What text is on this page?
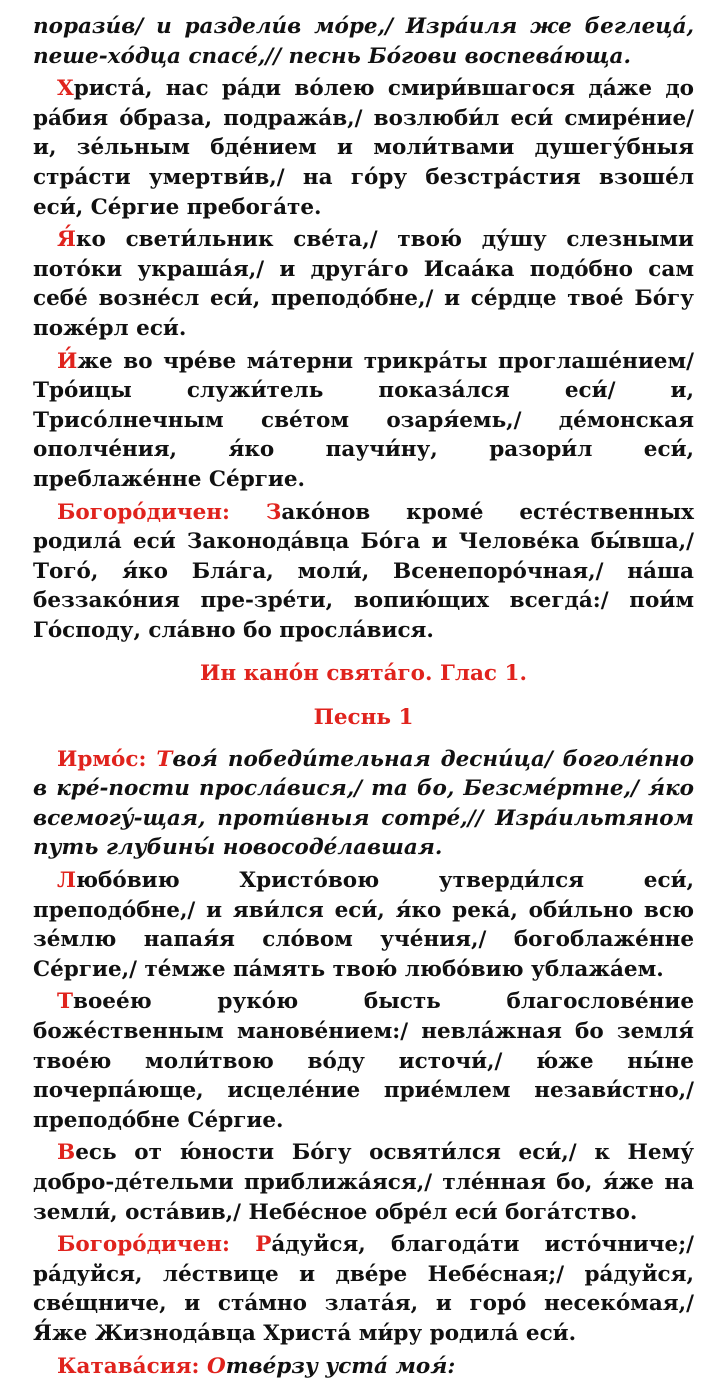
порази́в/ и раздели́в мо́ре,/ Изра́иля же беглеца́, пеше-хо́дца спасе́,// песнь Бо́гови воспева́юща.

Христа́, нас ра́ди во́лею смири́вшагося да́же до ра́бия о́браза, подража́в,/ возлюби́л еси́ смире́ние/ и, зе́льным бде́нием и моли́твами душегу́бныя стра́сти умертви́в,/ на го́ру безстра́стия взоше́л еси́, Се́ргие пребога́те.

Я́ко свети́льник све́та,/ твою́ ду́шу слезными пото́ки украша́я,/ и друга́го Исаа́ка подо́бно сам себе́ возне́сл еси́, преподо́бне,/ и се́рдце твое́ Бо́гу поже́рл еси́.

И́же во чре́ве ма́терни трикра́ты проглаше́нием/ Тро́ицы служи́тель показа́лся еси́/ и, Трисо́лнечным све́том озаря́емь,/ де́монская ополче́ния, я́ко паучи́ну, разори́л еси́, преблаже́нне Се́ргие.

Богоро́дичен: Зако́нов кроме́ есте́ственных родила́ еси́ Законода́вца Бо́га и Челове́ка бы́вша,/ Того́, я́ко Бла́га, моли́, Всенепоро́чная,/ на́ша беззако́ния пре-зре́ти, вопию́щих всегда́:/ пои́м Го́споду, сла́вно бо просла́вися.

Ин кано́н свята́го. Глас 1.
Песнь 1

Ирмо́с: Твоя́ победи́тельная десни́ца/ боголе́пно в кре́-пости просла́вися,/ та бо, Безсме́ртне,/ я́ко всемогу́-щая, проти́вныя сотре́,// Изра́ильтяном путь глубины́ новосоде́лавшая.

Любо́вию Христо́вою утверди́лся еси́, преподо́бне,/ и яви́лся еси́, я́ко река́, оби́льно всю зе́млю напая́я сло́вом уче́ния,/ богоблаже́нне Се́ргие,/ те́мже па́мять твою́ любо́вию ублажа́ем.

Твоее́ю руко́ю бысть благослове́ние боже́ственным манове́нием:/ невла́жная бо земля́ твое́ю моли́твою во́ду источи́,/ ю́же ны́не почерпа́юще, исцеле́ние прие́млем незави́стно,/ преподо́бне Се́ргие.

Весь от ю́ности Бо́гу освяти́лся еси́,/ к Нему́ добро-де́тельми приближа́яся,/ тле́нная бо, я́же на земли́, оста́вив,/ Небе́сное обре́л еси́ бога́тство.

Богоро́дичен: Ра́дуйся, благода́ти исто́чниче;/ ра́дуйся, ле́ствице и две́ре Небе́сная;/ ра́дуйся, све́щниче, и ста́мно злата́я, и горо́ несеко́мая,/ Я́же Жизнода́вца Христа́ ми́ру родила́ еси́.

Катава́сия: Отве́рзу уста́ моя́:
